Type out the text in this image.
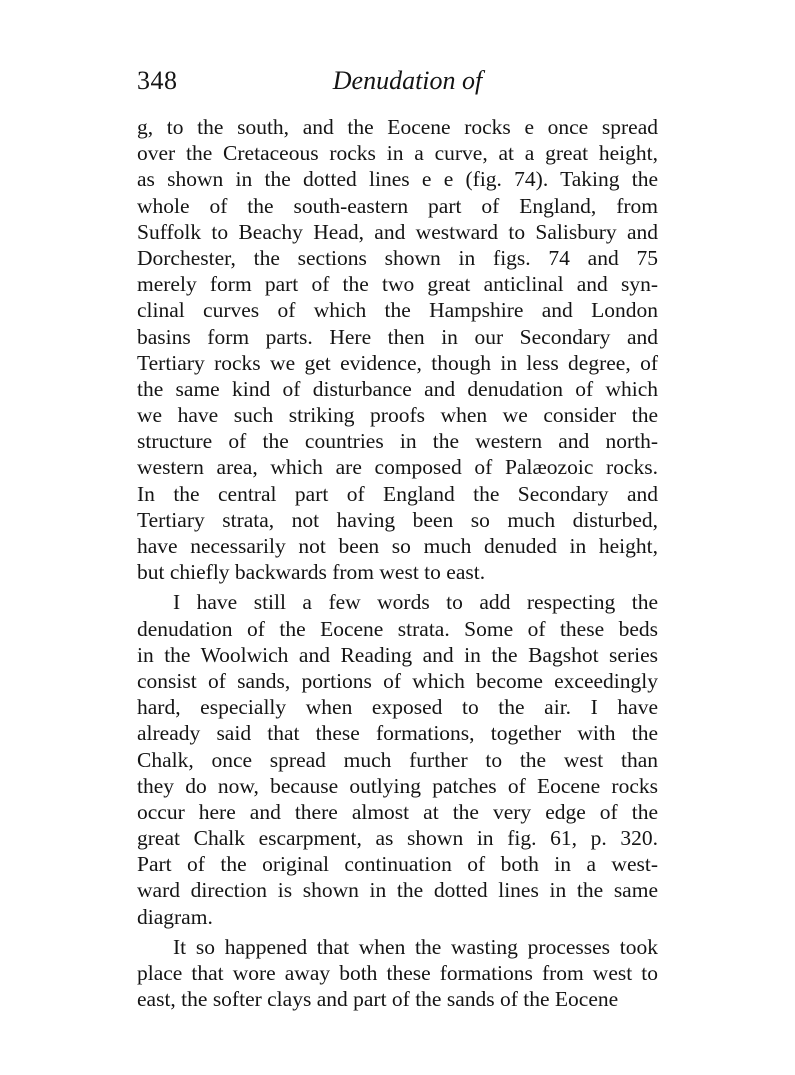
348	Denudation of
g, to the south, and the Eocene rocks e once spread
over the Cretaceous rocks in a curve, at a great height,
as shown in the dotted lines e e (fig. 74). Taking the
whole of the south-eastern part of England, from
Suffolk to Beachy Head, and westward to Salisbury and
Dorchester, the sections shown in figs. 74 and 75
merely form part of the two great anticlinal and syn-
clinal curves of which the Hampshire and London
basins form parts. Here then in our Secondary and
Tertiary rocks we get evidence, though in less degree, of
the same kind of disturbance and denudation of which
we have such striking proofs when we consider the
structure of the countries in the western and north-
western area, which are composed of Palæozoic rocks.
In the central part of England the Secondary and
Tertiary strata, not having been so much disturbed,
have necessarily not been so much denuded in height,
but chiefly backwards from west to east.
I have still a few words to add respecting the
denudation of the Eocene strata. Some of these beds
in the Woolwich and Reading and in the Bagshot series
consist of sands, portions of which become exceedingly
hard, especially when exposed to the air. I have
already said that these formations, together with the
Chalk, once spread much further to the west than
they do now, because outlying patches of Eocene rocks
occur here and there almost at the very edge of the
great Chalk escarpment, as shown in fig. 61, p. 320.
Part of the original continuation of both in a west-
ward direction is shown in the dotted lines in the same
diagram.
It so happened that when the wasting processes took
place that wore away both these formations from west to
east, the softer clays and part of the sands of the Eocene
